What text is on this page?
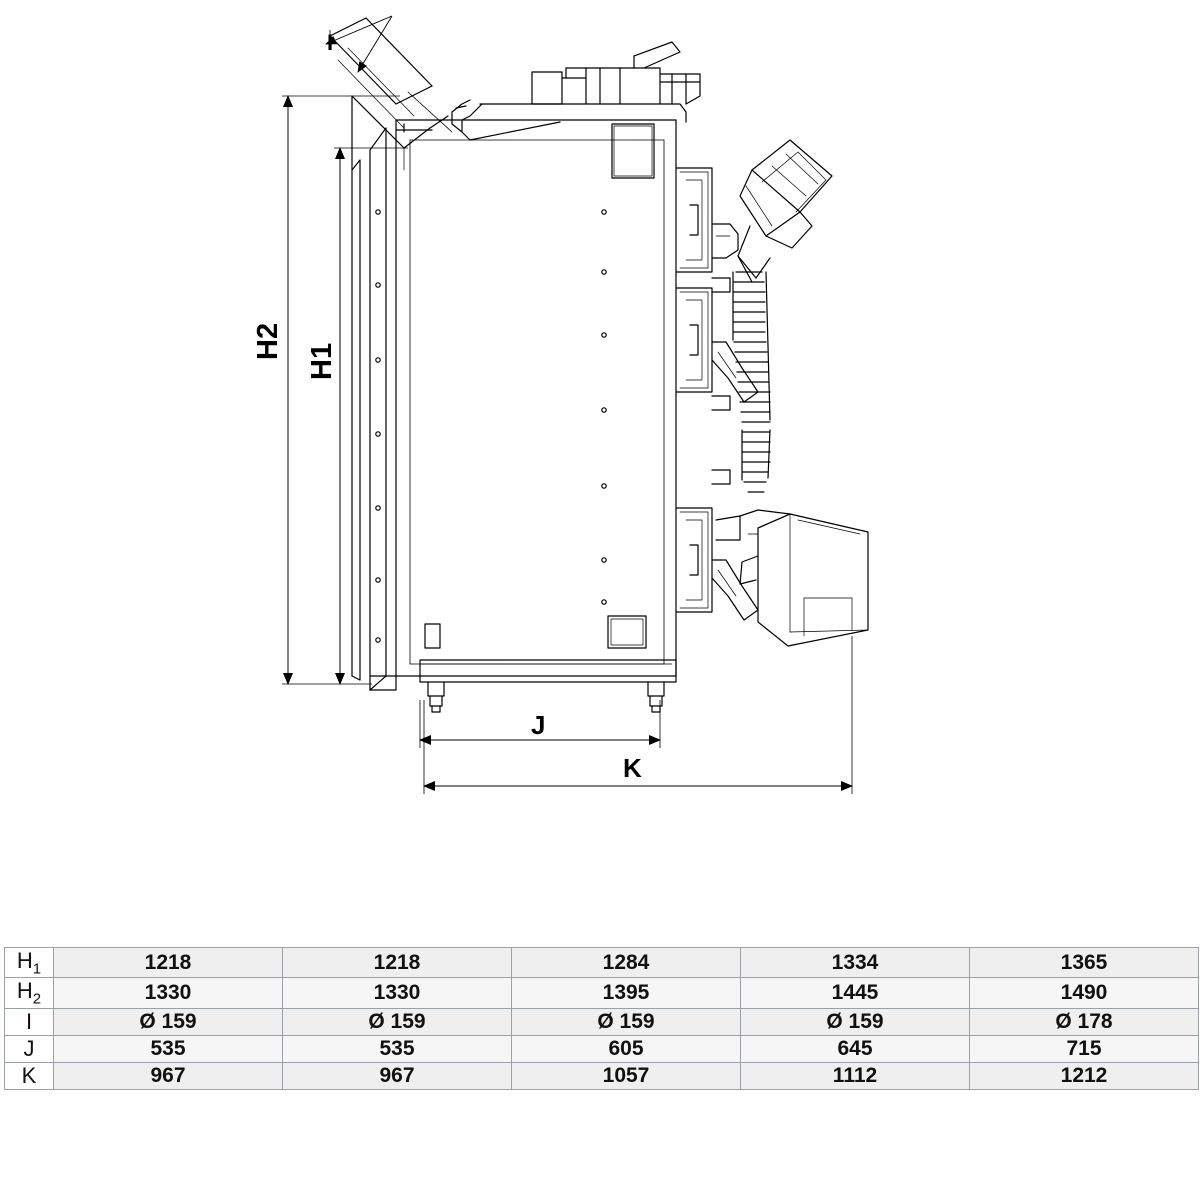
H2
H1
I
J
K
$H_1$	1218	1218	1284	1334	1365
$H_2$	1330	1330	1395	1445	1490
I	Ø 159	Ø 159	Ø 159	Ø 159	Ø 178
J	535	535	605	645	715
K	967	967	1057	1112	1212
